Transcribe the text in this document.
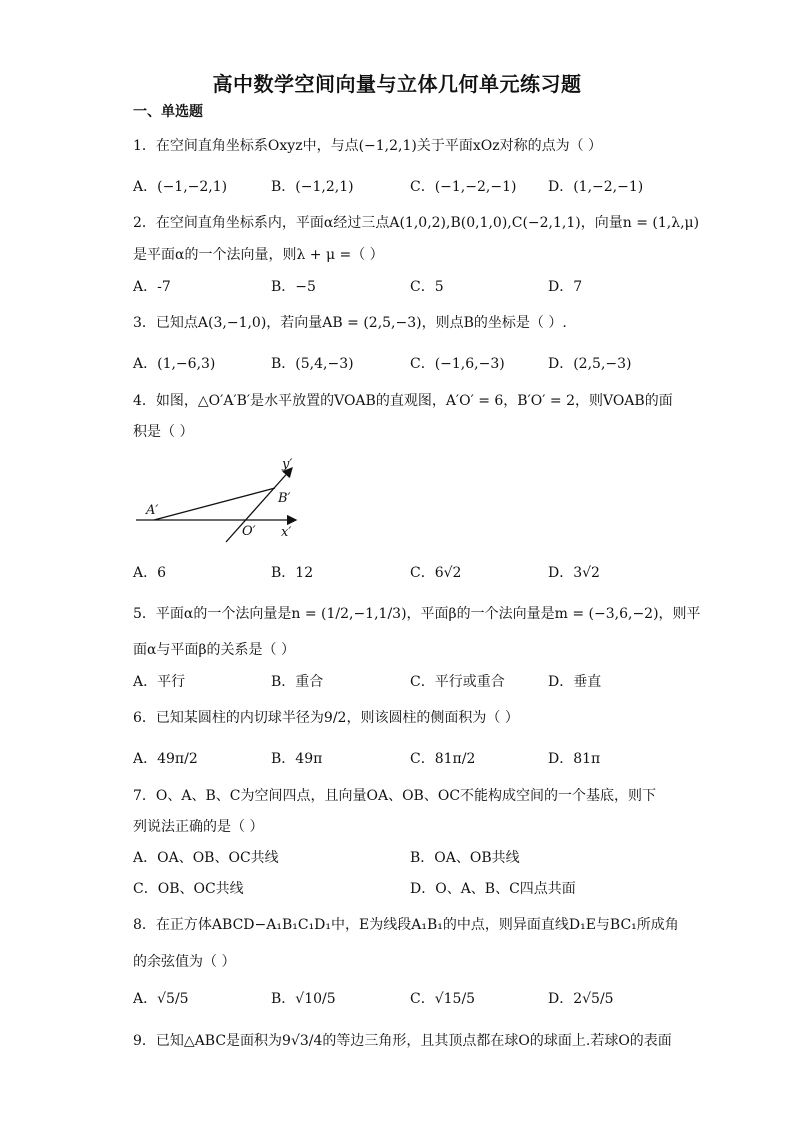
高中数学空间向量与立体几何单元练习题
一、单选题
1．在空间直角坐标系Oxyz中，与点(−1,2,1)关于平面xOz对称的点为（ ）
A．(−1,−2,1)	B．(−1,2,1)	C．(−1,−2,−1) D．(1,−2,−1)
2．在空间直角坐标系内，平面α经过三点A(1,0,2),B(0,1,0),C(−2,1,1)，向量n = (1,λ,μ)
是平面α的一个法向量，则λ + μ =（ ）
A．-7	B．−5	C．5	D．7
3．已知点A(3,−1,0)，若向量AB = (2,5,−3)，则点B的坐标是（ ）.
A．(1,−6,3)	B．(5,4,−3)	C．(−1,6,−3)	D．(2,5,−3)
4．如图，△O′A′B′是水平放置的VOAB的直观图，A′O′ = 6，B′O′ = 2，则VOAB的面
积是（ ）
A′
B′
O′ x′
y′
A．6	B．12	C．6√2	D．3√2
5．平面α的一个法向量是n = (1/2,−1,1/3)，平面β的一个法向量是m = (−3,6,−2)，则平
面α与平面β的关系是（ ）
A．平行	B．重合	C．平行或重合	D．垂直
6．已知某圆柱的内切球半径为9/2，则该圆柱的侧面积为（ ）
A．49π/2	B．49π	C．81π/2	D．81π
7．O、A、B、C为空间四点，且向量OA、OB、OC不能构成空间的一个基底，则下
列说法正确的是（ ）
A．OA、OB、OC共线	B．OA、OB共线
C．OB、OC共线	D．O、A、B、C四点共面
8．在正方体ABCD−A₁B₁C₁D₁中，E为线段A₁B₁的中点，则异面直线D₁E与BC₁所成角
的余弦值为（ ）
A．√5/5	B．√10/5	C．√15/5	D．2√5/5
9．已知△ABC是面积为9√3/4的等边三角形，且其顶点都在球O的球面上.若球O的表面
